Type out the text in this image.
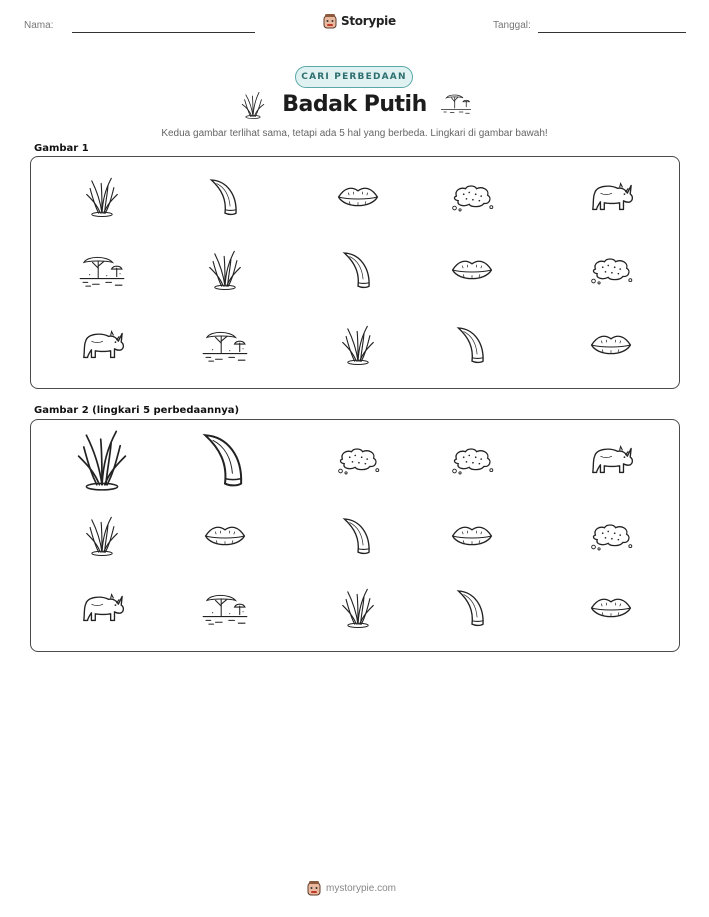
Nama:	Storypie	Tanggal:
CARI PERBEDAAN
Badak Putih
Kedua gambar terlihat sama, tetapi ada 5 hal yang berbeda. Lingkari di gambar bawah!
Gambar 1
Gambar 2 (lingkari 5 perbedaannya)
mystorypie.com
